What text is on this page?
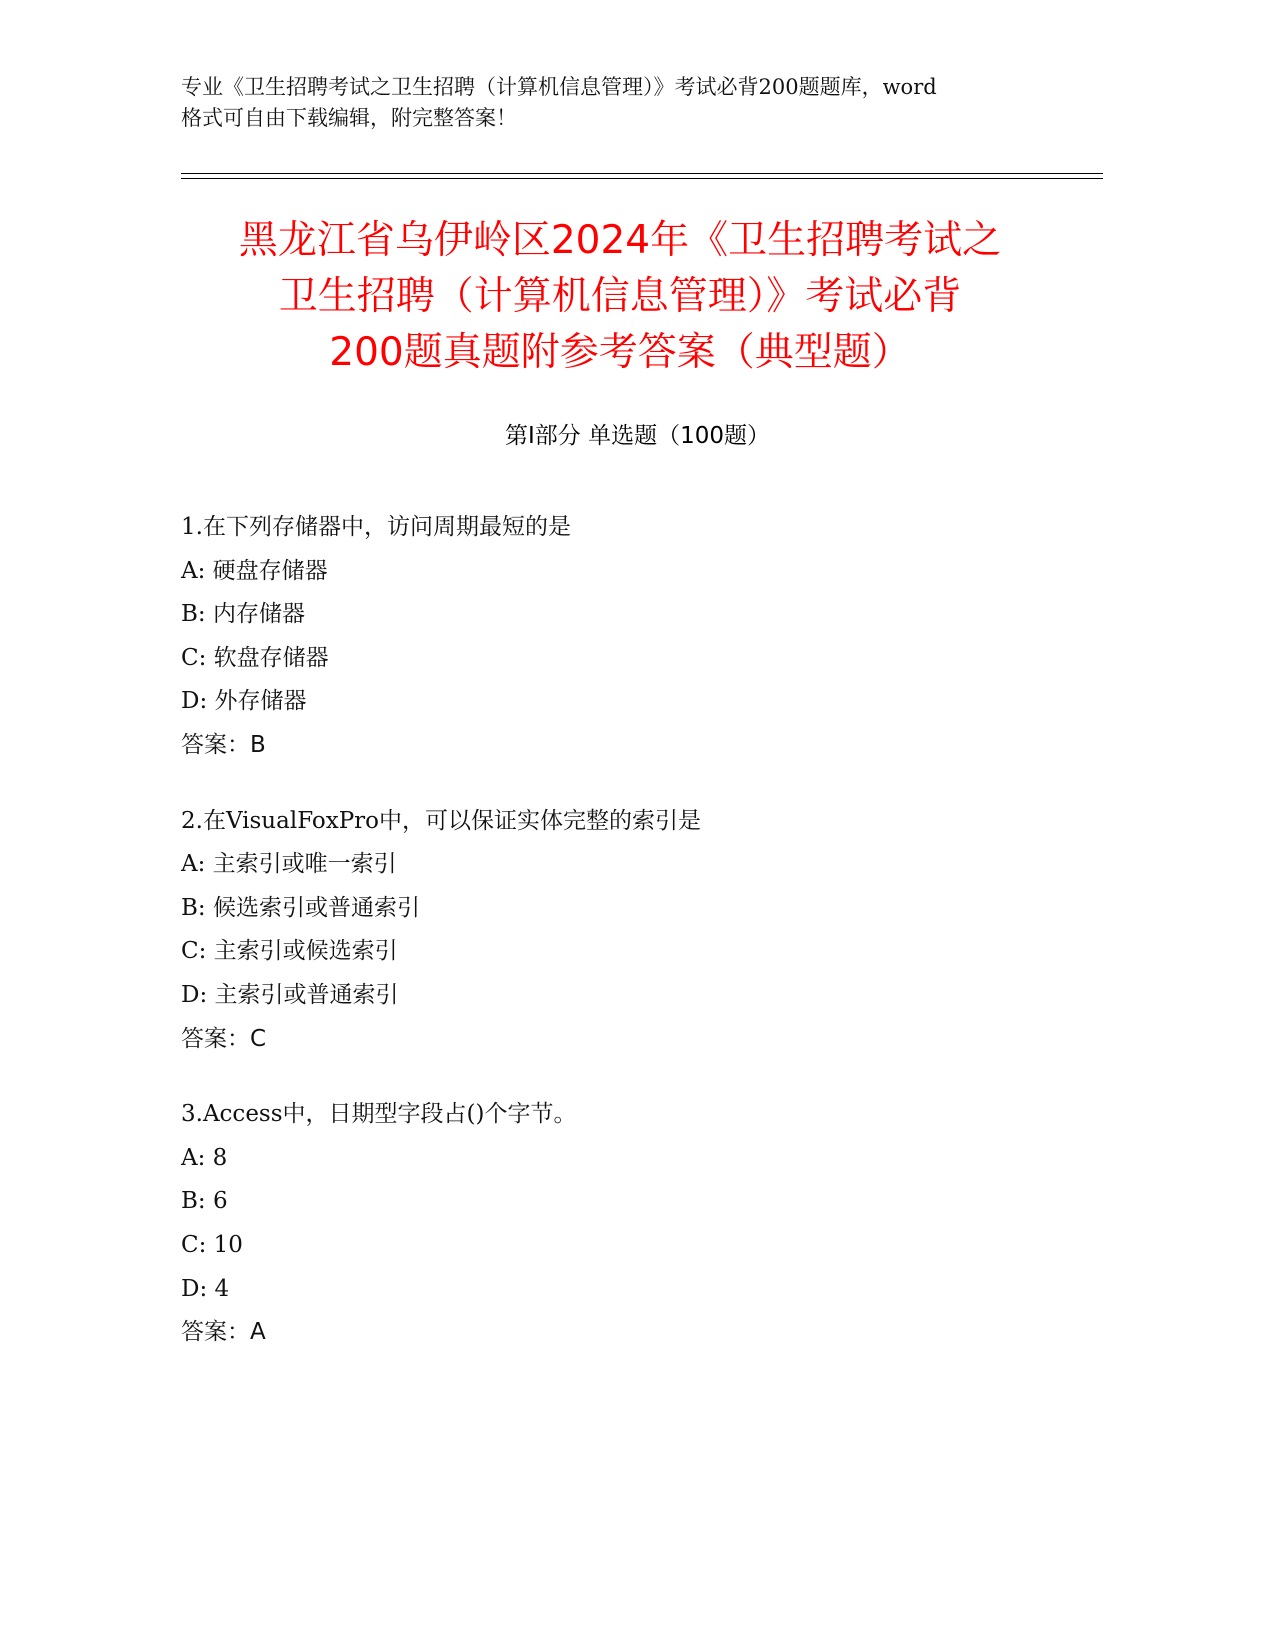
专业《卫生招聘考试之卫生招聘（计算机信息管理）》考试必背200题题库，word
格式可自由下载编辑，附完整答案！
黑龙江省乌伊岭区2024年《卫生招聘考试之
卫生招聘（计算机信息管理）》考试必背
200题真题附参考答案（典型题）
第Ⅰ部分 单选题（100题）
1.在下列存储器中，访问周期最短的是
A: 硬盘存储器
B: 内存储器
C: 软盘存储器
D: 外存储器
答案：B
2.在VisualFoxPro中，可以保证实体完整的索引是
A: 主索引或唯一索引
B: 候选索引或普通索引
C: 主索引或候选索引
D: 主索引或普通索引
答案：C
3.Access中，日期型字段占()个字节。
A: 8
B: 6
C: 10
D: 4
答案：A
